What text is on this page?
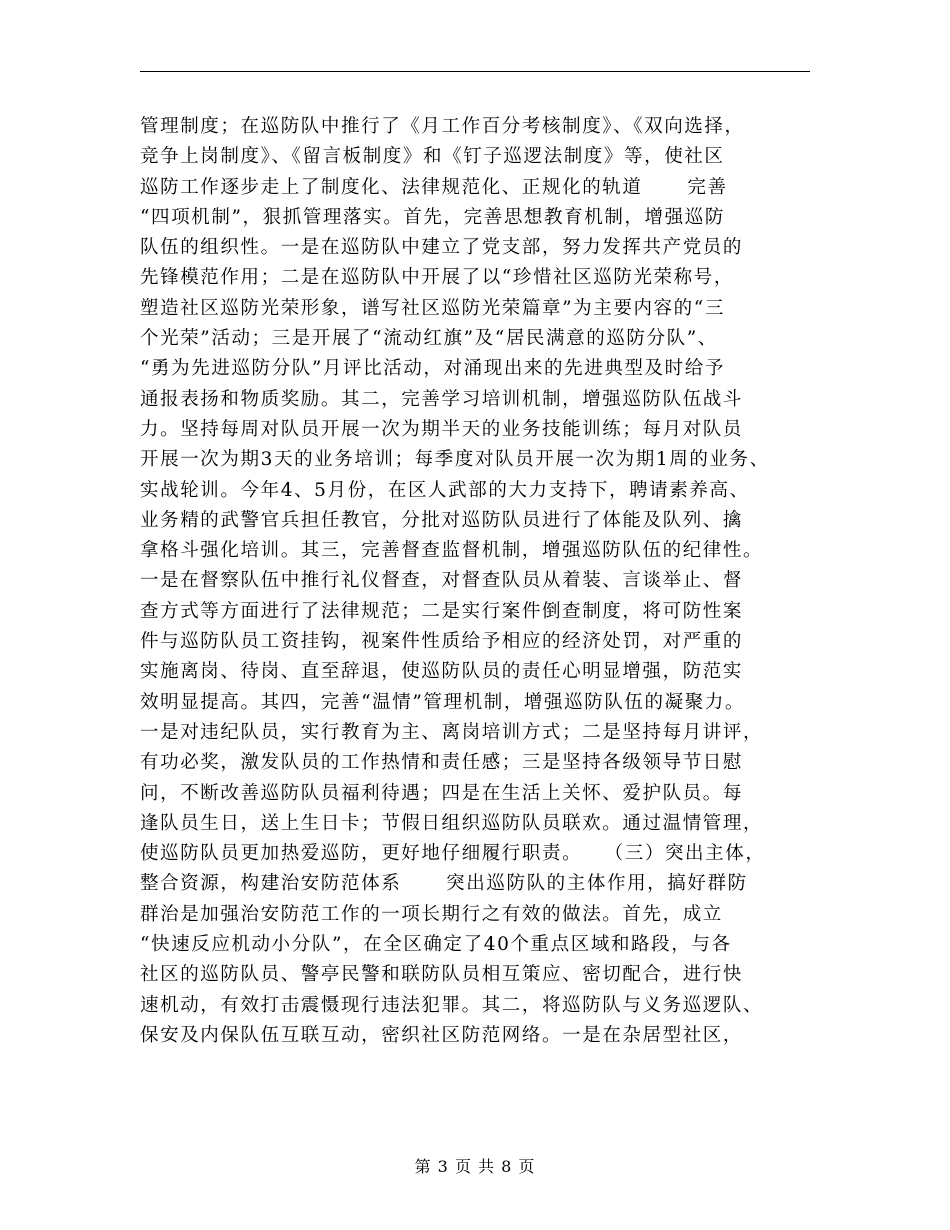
管理制度；在巡防队中推行了《月工作百分考核制度》、《双向选择，
竞争上岗制度》、《留言板制度》和《钉子巡逻法制度》等，使社区
巡防工作逐步走上了制度化、法律规范化、正规化的轨道      完善
“四项机制”，狠抓管理落实。首先，完善思想教育机制，增强巡防
队伍的组织性。一是在巡防队中建立了党支部，努力发挥共产党员的
先锋模范作用；二是在巡防队中开展了以“珍惜社区巡防光荣称号，
塑造社区巡防光荣形象，谱写社区巡防光荣篇章”为主要内容的“三
个光荣”活动；三是开展了“流动红旗”及“居民满意的巡防分队”、
“勇为先进巡防分队”月评比活动，对涌现出来的先进典型及时给予
通报表扬和物质奖励。其二，完善学习培训机制，增强巡防队伍战斗
力。坚持每周对队员开展一次为期半天的业务技能训练；每月对队员
开展一次为期3天的业务培训；每季度对队员开展一次为期1周的业务、
实战轮训。今年4、5月份，在区人武部的大力支持下，聘请素养高、
业务精的武警官兵担任教官，分批对巡防队员进行了体能及队列、擒
拿格斗强化培训。其三，完善督查监督机制，增强巡防队伍的纪律性。
一是在督察队伍中推行礼仪督查，对督查队员从着装、言谈举止、督
查方式等方面进行了法律规范；二是实行案件倒查制度，将可防性案
件与巡防队员工资挂钩，视案件性质给予相应的经济处罚，对严重的
实施离岗、待岗、直至辞退，使巡防队员的责任心明显增强，防范实
效明显提高。其四，完善“温情”管理机制，增强巡防队伍的凝聚力。
一是对违纪队员，实行教育为主、离岗培训方式；二是坚持每月讲评，
有功必奖，激发队员的工作热情和责任感；三是坚持各级领导节日慰
问，不断改善巡防队员福利待遇；四是在生活上关怀、爱护队员。每
逢队员生日，送上生日卡；节假日组织巡防队员联欢。通过温情管理，
使巡防队员更加热爱巡防，更好地仔细履行职责。   （三）突出主体，
整合资源，构建治安防范体系      突出巡防队的主体作用，搞好群防
群治是加强治安防范工作的一项长期行之有效的做法。首先，成立
“快速反应机动小分队”，在全区确定了40个重点区域和路段，与各
社区的巡防队员、警亭民警和联防队员相互策应、密切配合，进行快
速机动，有效打击震慑现行违法犯罪。其二，将巡防队与义务巡逻队、
保安及内保队伍互联互动，密织社区防范网络。一是在杂居型社区，
第 3 页 共 8 页
